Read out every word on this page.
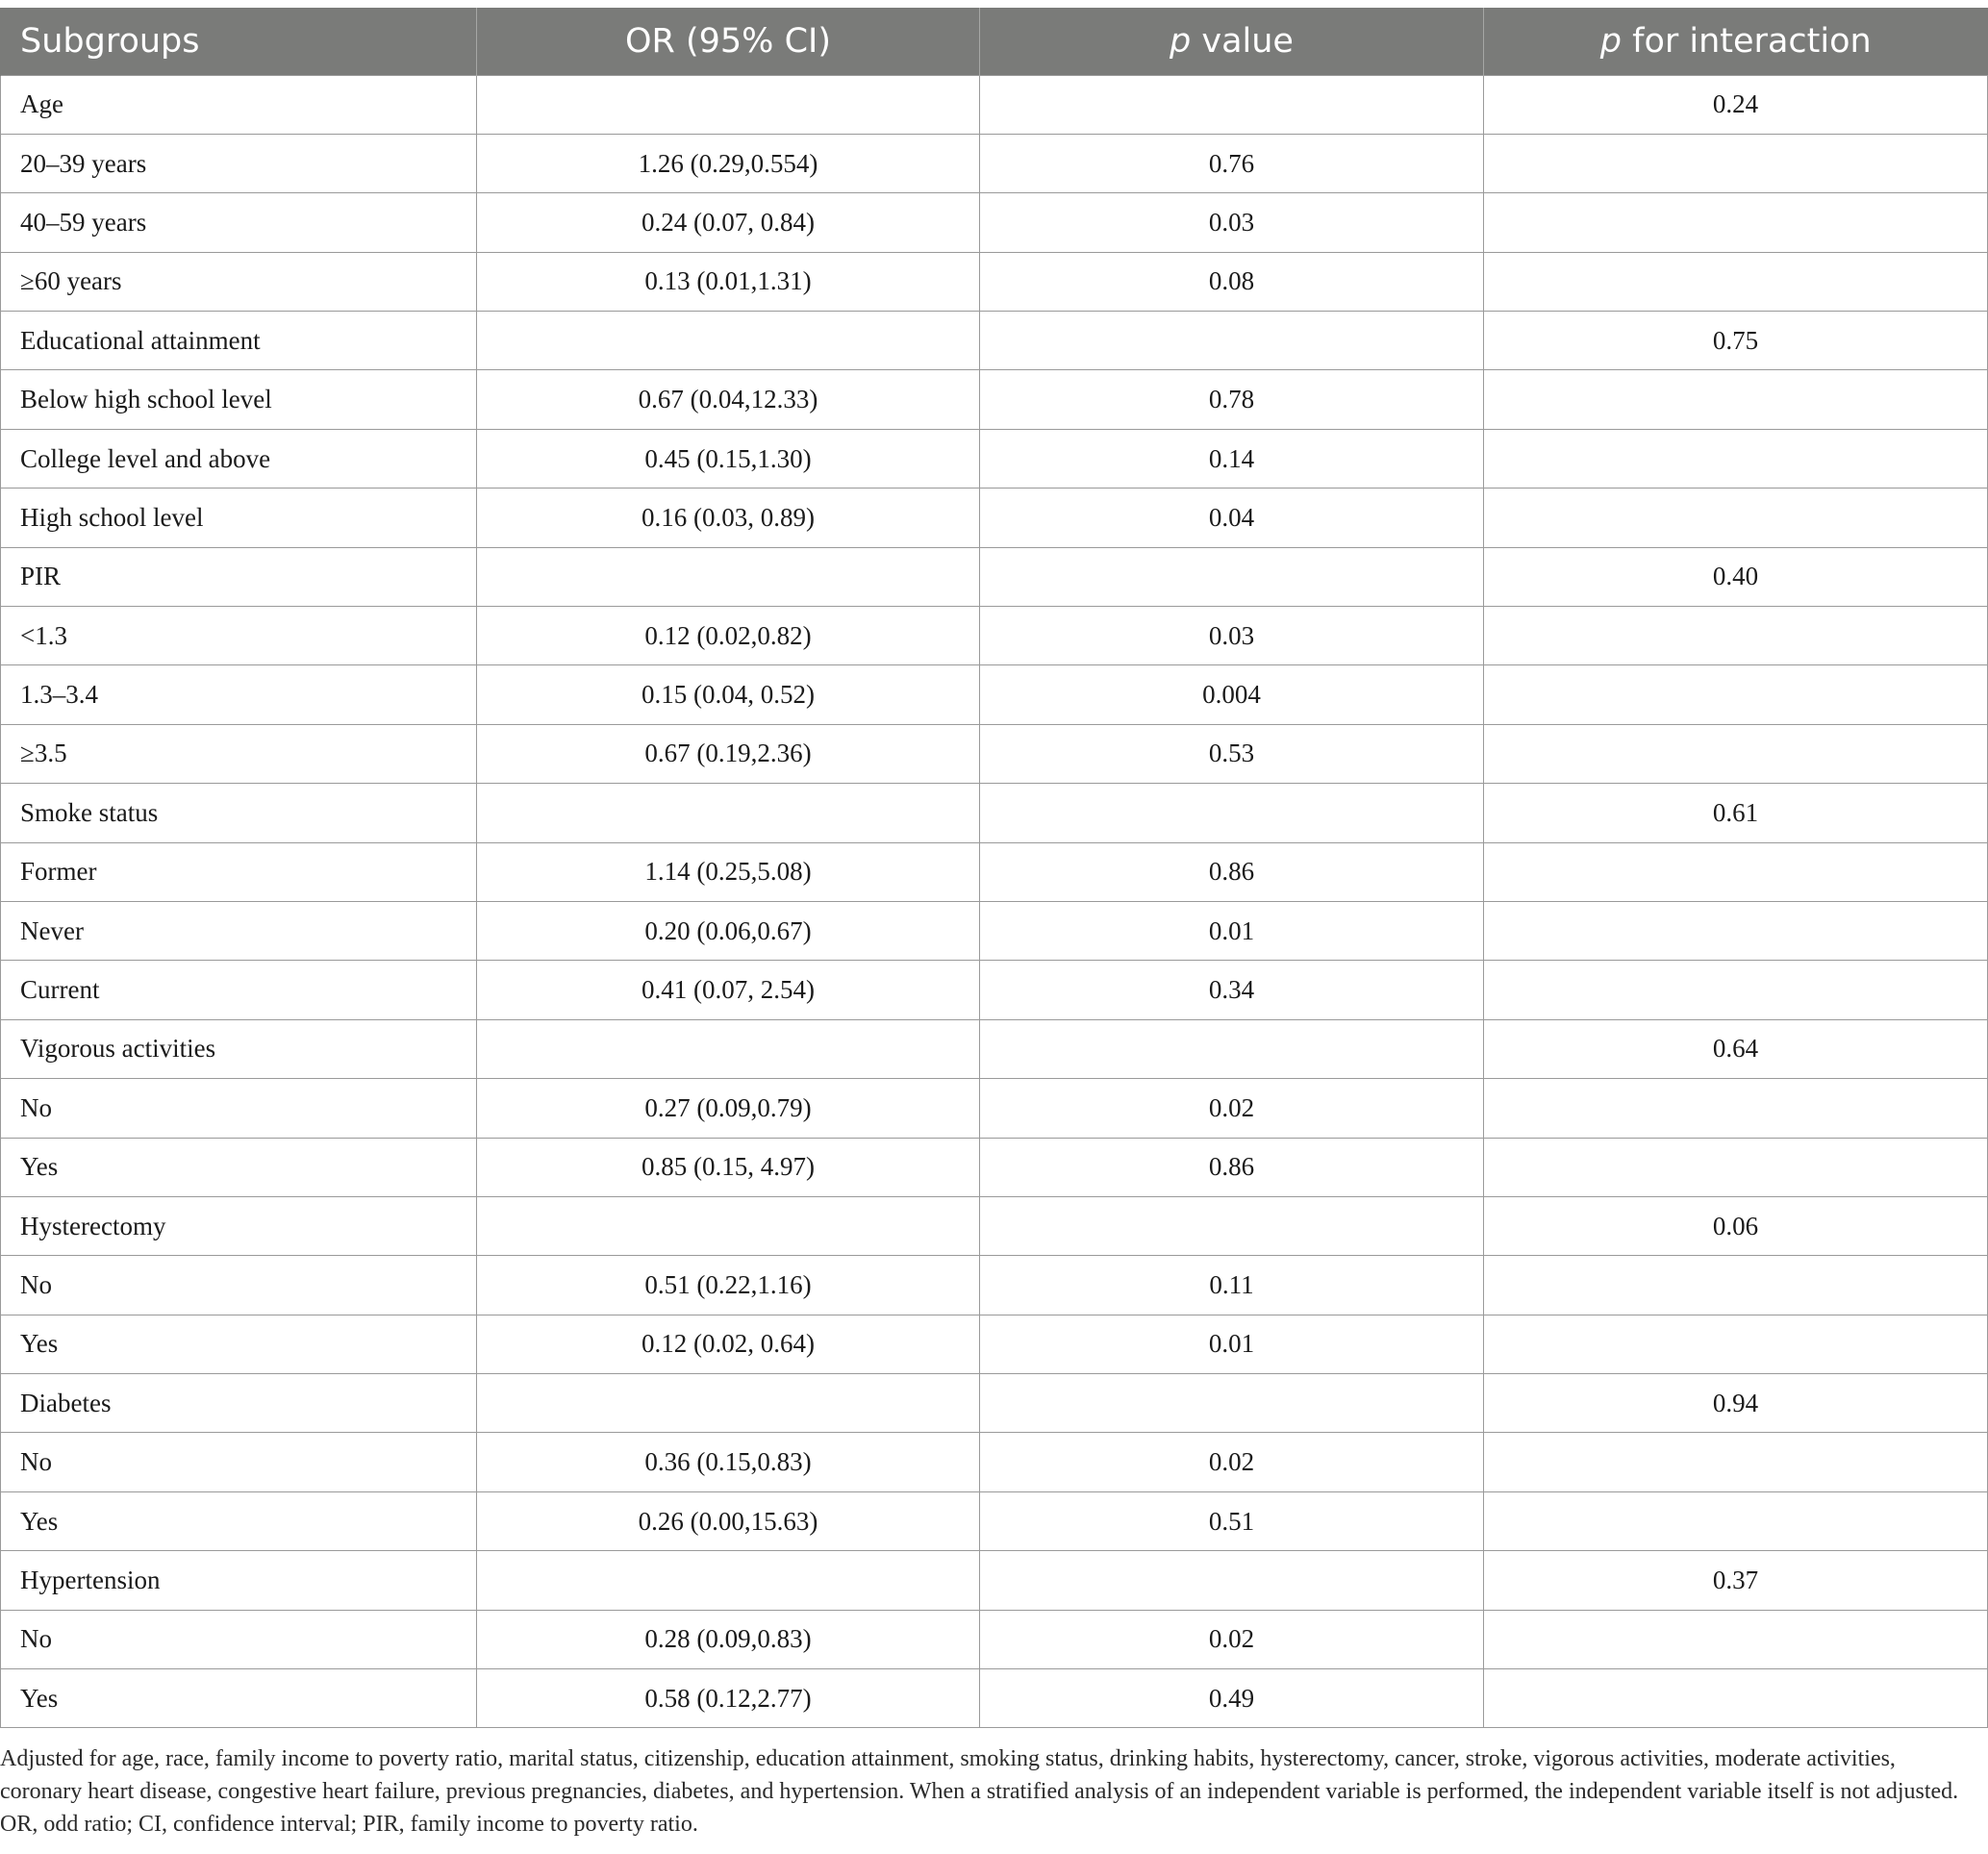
Subgroups	OR (95% CI)	p value	p for interaction
Age			0.24
20–39 years	1.26 (0.29,0.554)	0.76	
40–59 years	0.24 (0.07, 0.84)	0.03	
≥60 years	0.13 (0.01,1.31)	0.08	
Educational attainment			0.75
Below high school level	0.67 (0.04,12.33)	0.78	
College level and above	0.45 (0.15,1.30)	0.14	
High school level	0.16 (0.03, 0.89)	0.04	
PIR			0.40
<1.3	0.12 (0.02,0.82)	0.03	
1.3–3.4	0.15 (0.04, 0.52)	0.004	
≥3.5	0.67 (0.19,2.36)	0.53	
Smoke status			0.61
Former	1.14 (0.25,5.08)	0.86	
Never	0.20 (0.06,0.67)	0.01	
Current	0.41 (0.07, 2.54)	0.34	
Vigorous activities			0.64
No	0.27 (0.09,0.79)	0.02	
Yes	0.85 (0.15, 4.97)	0.86	
Hysterectomy			0.06
No	0.51 (0.22,1.16)	0.11	
Yes	0.12 (0.02, 0.64)	0.01	
Diabetes			0.94
No	0.36 (0.15,0.83)	0.02	
Yes	0.26 (0.00,15.63)	0.51	
Hypertension			0.37
No	0.28 (0.09,0.83)	0.02	
Yes	0.58 (0.12,2.77)	0.49	
Adjusted for age, race, family income to poverty ratio, marital status, citizenship, education attainment, smoking status, drinking habits, hysterectomy, cancer, stroke, vigorous activities, moderate activities, coronary heart disease, congestive heart failure, previous pregnancies, diabetes, and hypertension. When a stratified analysis of an independent variable is performed, the independent variable itself is not adjusted. OR, odd ratio; CI, confidence interval; PIR, family income to poverty ratio.
